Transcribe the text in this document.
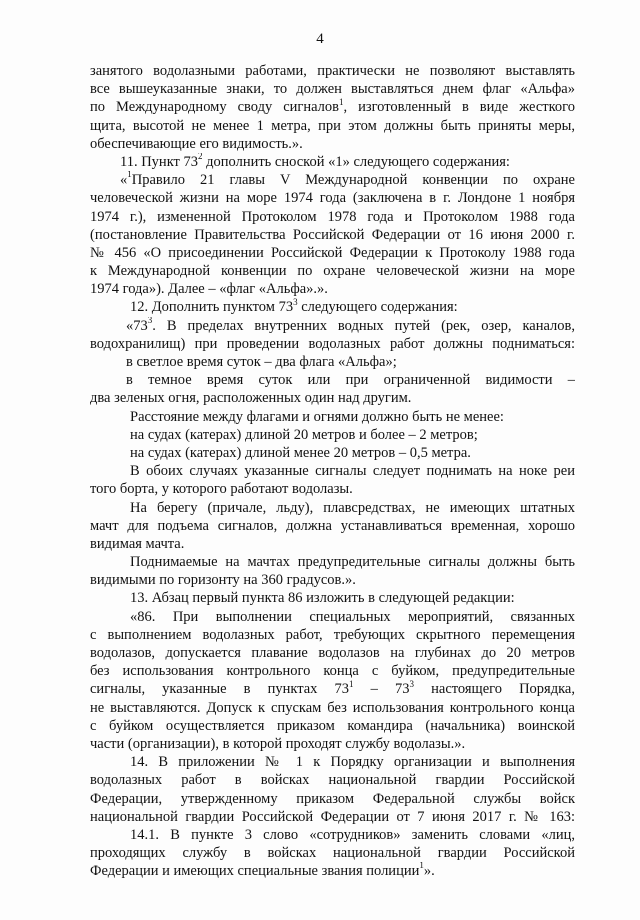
4
занятого водолазными работами, практически не позволяют выставлять
все вышеуказанные знаки, то должен выставляться днем флаг «Альфа»
по Международному своду сигналов$^1$, изготовленный в виде жесткого
щита, высотой не менее 1 метра, при этом должны быть приняты меры,
обеспечивающие его видимость.».
11. Пункт $73^2$ дополнить сноской «1» следующего содержания:
«$^1$Правило 21 главы V Международной конвенции по охране
человеческой жизни на море 1974 года (заключена в г. Лондоне 1 ноября
1974 г.), измененной Протоколом 1978 года и Протоколом 1988 года
(постановление Правительства Российской Федерации от 16 июня 2000 г.
№ 456 «О присоединении Российской Федерации к Протоколу 1988 года
к Международной конвенции по охране человеческой жизни на море
1974 года»). Далее – «флаг «Альфа».».
12. Дополнить пунктом $73^3$ следующего содержания:
«$73^3$. В пределах внутренних водных путей (рек, озер, каналов,
водохранилищ) при проведении водолазных работ должны подниматься:
в светлое время суток – два флага «Альфа»;
в темное время суток или при ограниченной видимости –
два зеленых огня, расположенных один над другим.
Расстояние между флагами и огнями должно быть не менее:
на судах (катерах) длиной 20 метров и более – 2 метров;
на судах (катерах) длиной менее 20 метров – 0,5 метра.
В обоих случаях указанные сигналы следует поднимать на ноке реи
того борта, у которого работают водолазы.
На берегу (причале, льду), плавсредствах, не имеющих штатных
мачт для подъема сигналов, должна устанавливаться временная, хорошо
видимая мачта.
Поднимаемые на мачтах предупредительные сигналы должны быть
видимыми по горизонту на 360 градусов.».
13. Абзац первый пункта 86 изложить в следующей редакции:
«86. При выполнении специальных мероприятий, связанных
с выполнением водолазных работ, требующих скрытного перемещения
водолазов, допускается плавание водолазов на глубинах до 20 метров
без использования контрольного конца с буйком, предупредительные
сигналы, указанные в пунктах $73^1 - 73^3$ настоящего Порядка,
не выставляются. Допуск к спускам без использования контрольного конца
с буйком осуществляется приказом командира (начальника) воинской
части (организации), в которой проходят службу водолазы.».
14. В приложении № 1 к Порядку организации и выполнения
водолазных работ в войсках национальной гвардии Российской
Федерации, утвержденному приказом Федеральной службы войск
национальной гвардии Российской Федерации от 7 июня 2017 г. № 163:
14.1. В пункте 3 слово «сотрудников» заменить словами «лиц,
проходящих службу в войсках национальной гвардии Российской
Федерации и имеющих специальные звания полиции$^1$».
